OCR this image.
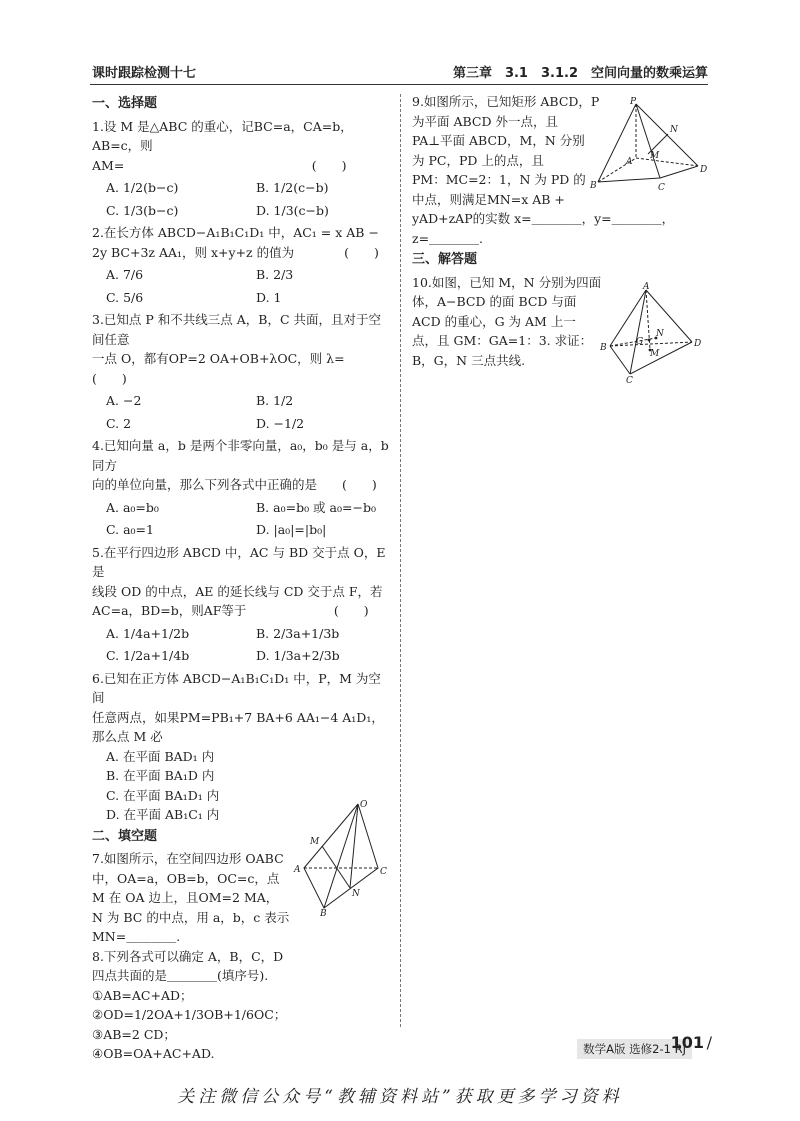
课时跟踪检测十七	第三章　3.1　3.1.2　空间向量的数乘运算
一、选择题
1.设 M 是△ABC 的重心，记BC=a，CA=b，AB=c，则
AM=　　　　　　　　　　　　　　　(　　)
A. 1/2(b−c)	B. 1/2(c−b)
C. 1/3(b−c)	D. 1/3(c−b)
2.在长方体 ABCD−A₁B₁C₁D₁ 中，AC₁ = x AB −
2y BC+3z AA₁，则 x+y+z 的值为　　　　(　　)
A. 7/6	B. 2/3
C. 5/6	D. 1
3.已知点 P 和不共线三点 A，B，C 共面，且对于空间任意
一点 O，都有OP=2 OA+OB+λOC，则 λ=　　(　　)
A. −2	B. 1/2
C. 2	D. −1/2
4.已知向量 a，b 是两个非零向量，a₀，b₀ 是与 a，b 同方
向的单位向量，那么下列各式中正确的是　　(　　)
A. a₀=b₀	B. a₀=b₀ 或 a₀=−b₀
C. a₀=1	D. |a₀|=|b₀|
5.在平行四边形 ABCD 中，AC 与 BD 交于点 O，E 是
线段 OD 的中点，AE 的延长线与 CD 交于点 F，若
AC=a，BD=b，则AF等于　　　　　　　(　　)
A. 1/4a+1/2b	B. 2/3a+1/3b
C. 1/2a+1/4b	D. 1/3a+2/3b
6.已知在正方体 ABCD−A₁B₁C₁D₁ 中，P，M 为空间
任意两点，如果PM=PB₁+7 BA+6 AA₁−4 A₁D₁，
那么点 M 必
A. 在平面 BAD₁ 内
B. 在平面 BA₁D 内
C. 在平面 BA₁D₁ 内
D. 在平面 AB₁C₁ 内
二、填空题
7.如图所示，在空间四边形 OABC
中，OA=a，OB=b，OC=c，点
M 在 OA 边上，且OM=2 MA，
N 为 BC 的中点，用 a，b，c 表示
MN=＿＿＿＿.
8.下列各式可以确定 A，B，C，D
四点共面的是＿＿＿＿(填序号).
①AB=AC+AD；
②OD=1/2OA+1/3OB+1/6OC；
③AB=2 CD；
④OB=OA+AC+AD.
9.如图所示，已知矩形 ABCD，P
为平面 ABCD 外一点，且
PA⊥平面 ABCD，M，N 分别
为 PC，PD 上的点，且
PM：MC=2：1，N 为 PD 的
中点，则满足MN=x AB +
yAD+zAP的实数 x=＿＿＿＿，y=＿＿＿＿，
z=＿＿＿＿.
三、解答题
10.如图，已知 M，N 分别为四面
体，A−BCD 的面 BCD 与面
ACD 的重心，G 为 AM 上一
点，且 GM：GA=1：3. 求证：
B，G，N 三点共线.
O
M
A	C
N
B
P
N
M
A
D
B	C
A
B
G
N
M
D
C
数学A版 选修2-1 RJ
101 /
关注微信公众号“教辅资料站”获取更多学习资料
